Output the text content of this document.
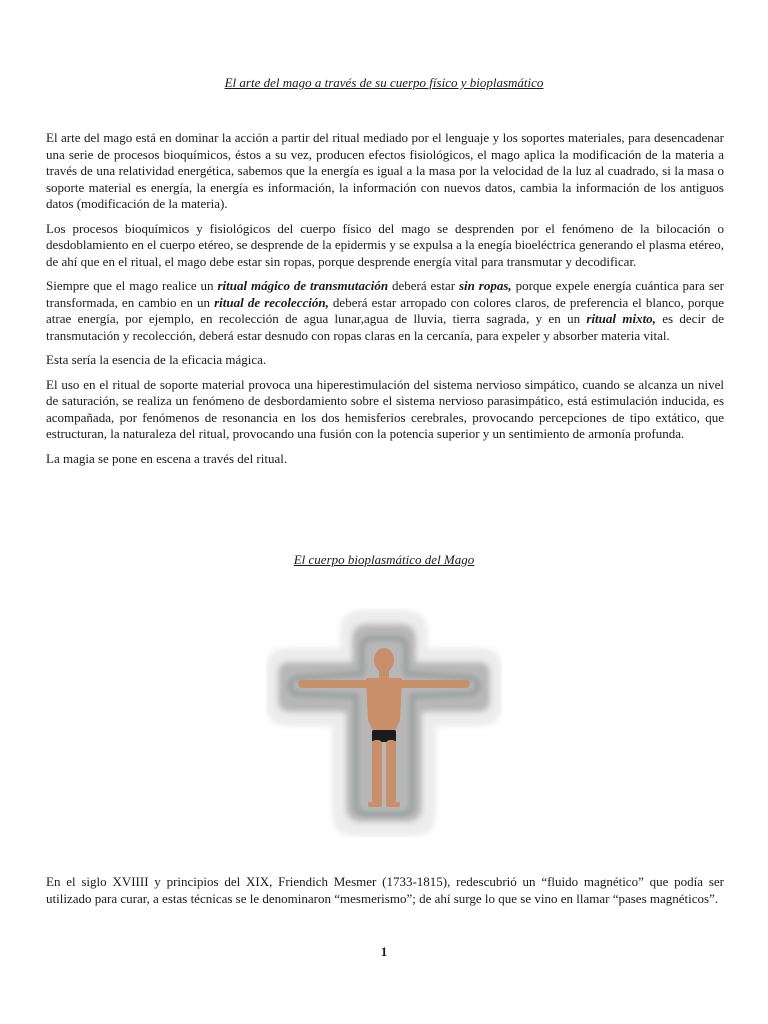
El arte del mago a través de su cuerpo físico y bioplasmático

El arte del mago está en dominar la acción a partir del ritual mediado por el lenguaje y los soportes materiales, para desencadenar una serie de procesos bioquímicos, éstos a su vez, producen efectos fisiológicos, el mago aplica la modificación de la materia a través de una relatividad energética, sabemos que la energía es igual a la masa por la velocidad de la luz al cuadrado, si la masa o soporte material es energía, la energía es información, la información con nuevos datos, cambia la información de los antiguos datos (modificación de la materia).

Los procesos bioquímicos y fisiológicos del cuerpo físico del mago se desprenden por el fenómeno de la bilocación o desdoblamiento en el cuerpo etéreo, se desprende de la epidermis y se expulsa a la enegía bioeléctrica generando el plasma etéreo, de ahí que en el ritual, el mago debe estar sin ropas, porque desprende energía vital para transmutar y decodificar.

Siempre que el mago realice un ritual mágico de transmutación deberá estar sin ropas, porque expele energía cuántica para ser transformada, en cambio en un ritual de recolección, deberá estar arropado con colores claros, de preferencia el blanco, porque atrae energía, por ejemplo, en recolección de agua lunar,agua de lluvia, tierra sagrada, y en un ritual mixto, es decir de transmutación y recolección, deberá estar desnudo con ropas claras en la cercanía, para expeler y absorber materia vital.

Esta sería la esencia de la eficacia mágica.

El uso en el ritual de soporte material provoca una hiperestimulación del sistema nervioso simpático, cuando se alcanza un nivel de saturación, se realiza un fenómeno de desbordamiento sobre el sistema nervioso parasimpático, está estimulación inducida, es acompañada, por fenómenos de resonancia en los dos hemisferios cerebrales, provocando percepciones de tipo extático, que estructuran, la naturaleza del ritual, provocando una fusión con la potencia superior y un sentimiento de armonía profunda.

La magia se pone en escena a través del ritual.

El cuerpo bioplasmático del Mago

En el siglo XVIIII y principios del XIX, Friendich Mesmer (1733-1815), redescubrió un “fluido magnético” que podía ser utilizado para curar, a estas técnicas se le denominaron “mesmerismo”; de ahí surge lo que se vino en llamar “pases magnéticos”.

1
